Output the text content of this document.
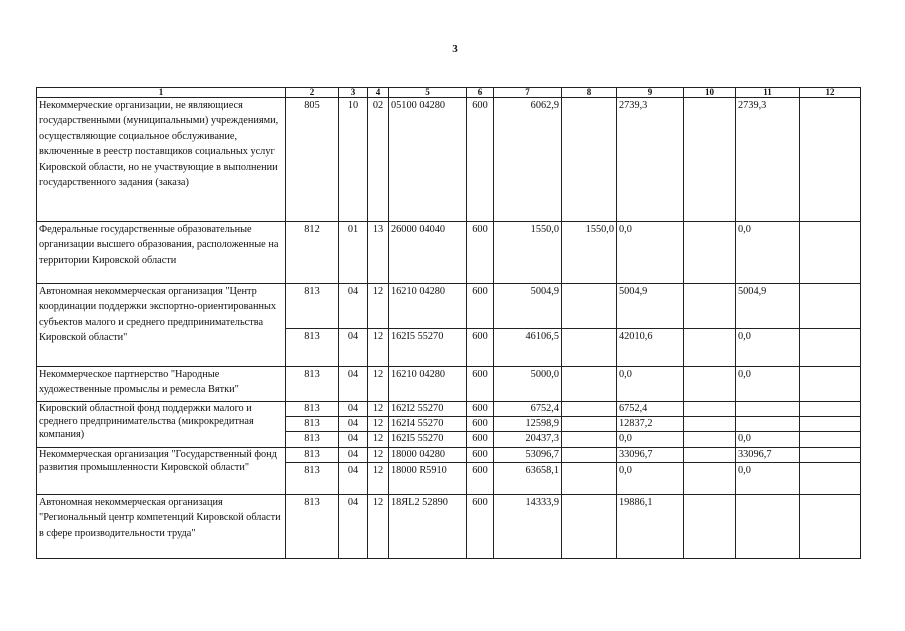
3
1	2	3	4	5	6	7	8	9	10	11	12
Некоммерческие организации, не являющиеся государственными (муниципальными) учреждениями, осуществляющие социальное обслуживание, включенные в реестр поставщиков социальных услуг Кировской области, но не участвующие в выполнении государственного задания (заказа)	805	10	02	05100 04280	600	6062,9		2739,3		2739,3	
Федеральные государственные образовательные организации высшего образования, расположенные на территории Кировской области	812	01	13	26000 04040	600	1550,0	1550,0	0,0		0,0	
Автономная некоммерческая организация "Центр координации поддержки экспортно-ориентированных субъектов малого и среднего предпринимательства Кировской области"	813	04	12	16210 04280	600	5004,9		5004,9		5004,9	
	813	04	12	162I5 55270	600	46106,5		42010,6		0,0	
Некоммерческое партнерство "Народные художественные промыслы и ремесла Вятки"	813	04	12	16210 04280	600	5000,0		0,0		0,0	
Кировский областной фонд поддержки малого и среднего предпринимательства (микрокредитная компания)	813	04	12	162I2 55270	600	6752,4		6752,4			
	813	04	12	162I4 55270	600	12598,9		12837,2			
	813	04	12	162I5 55270	600	20437,3		0,0		0,0	
Некоммерческая организация "Государственный фонд развития промышленности Кировской области"	813	04	12	18000 04280	600	53096,7		33096,7		33096,7	
	813	04	12	18000 R5910	600	63658,1		0,0		0,0	
Автономная некоммерческая организация "Региональный центр компетенций Кировской области в сфере производительности труда"	813	04	12	18ЯL2 52890	600	14333,9		19886,1			
